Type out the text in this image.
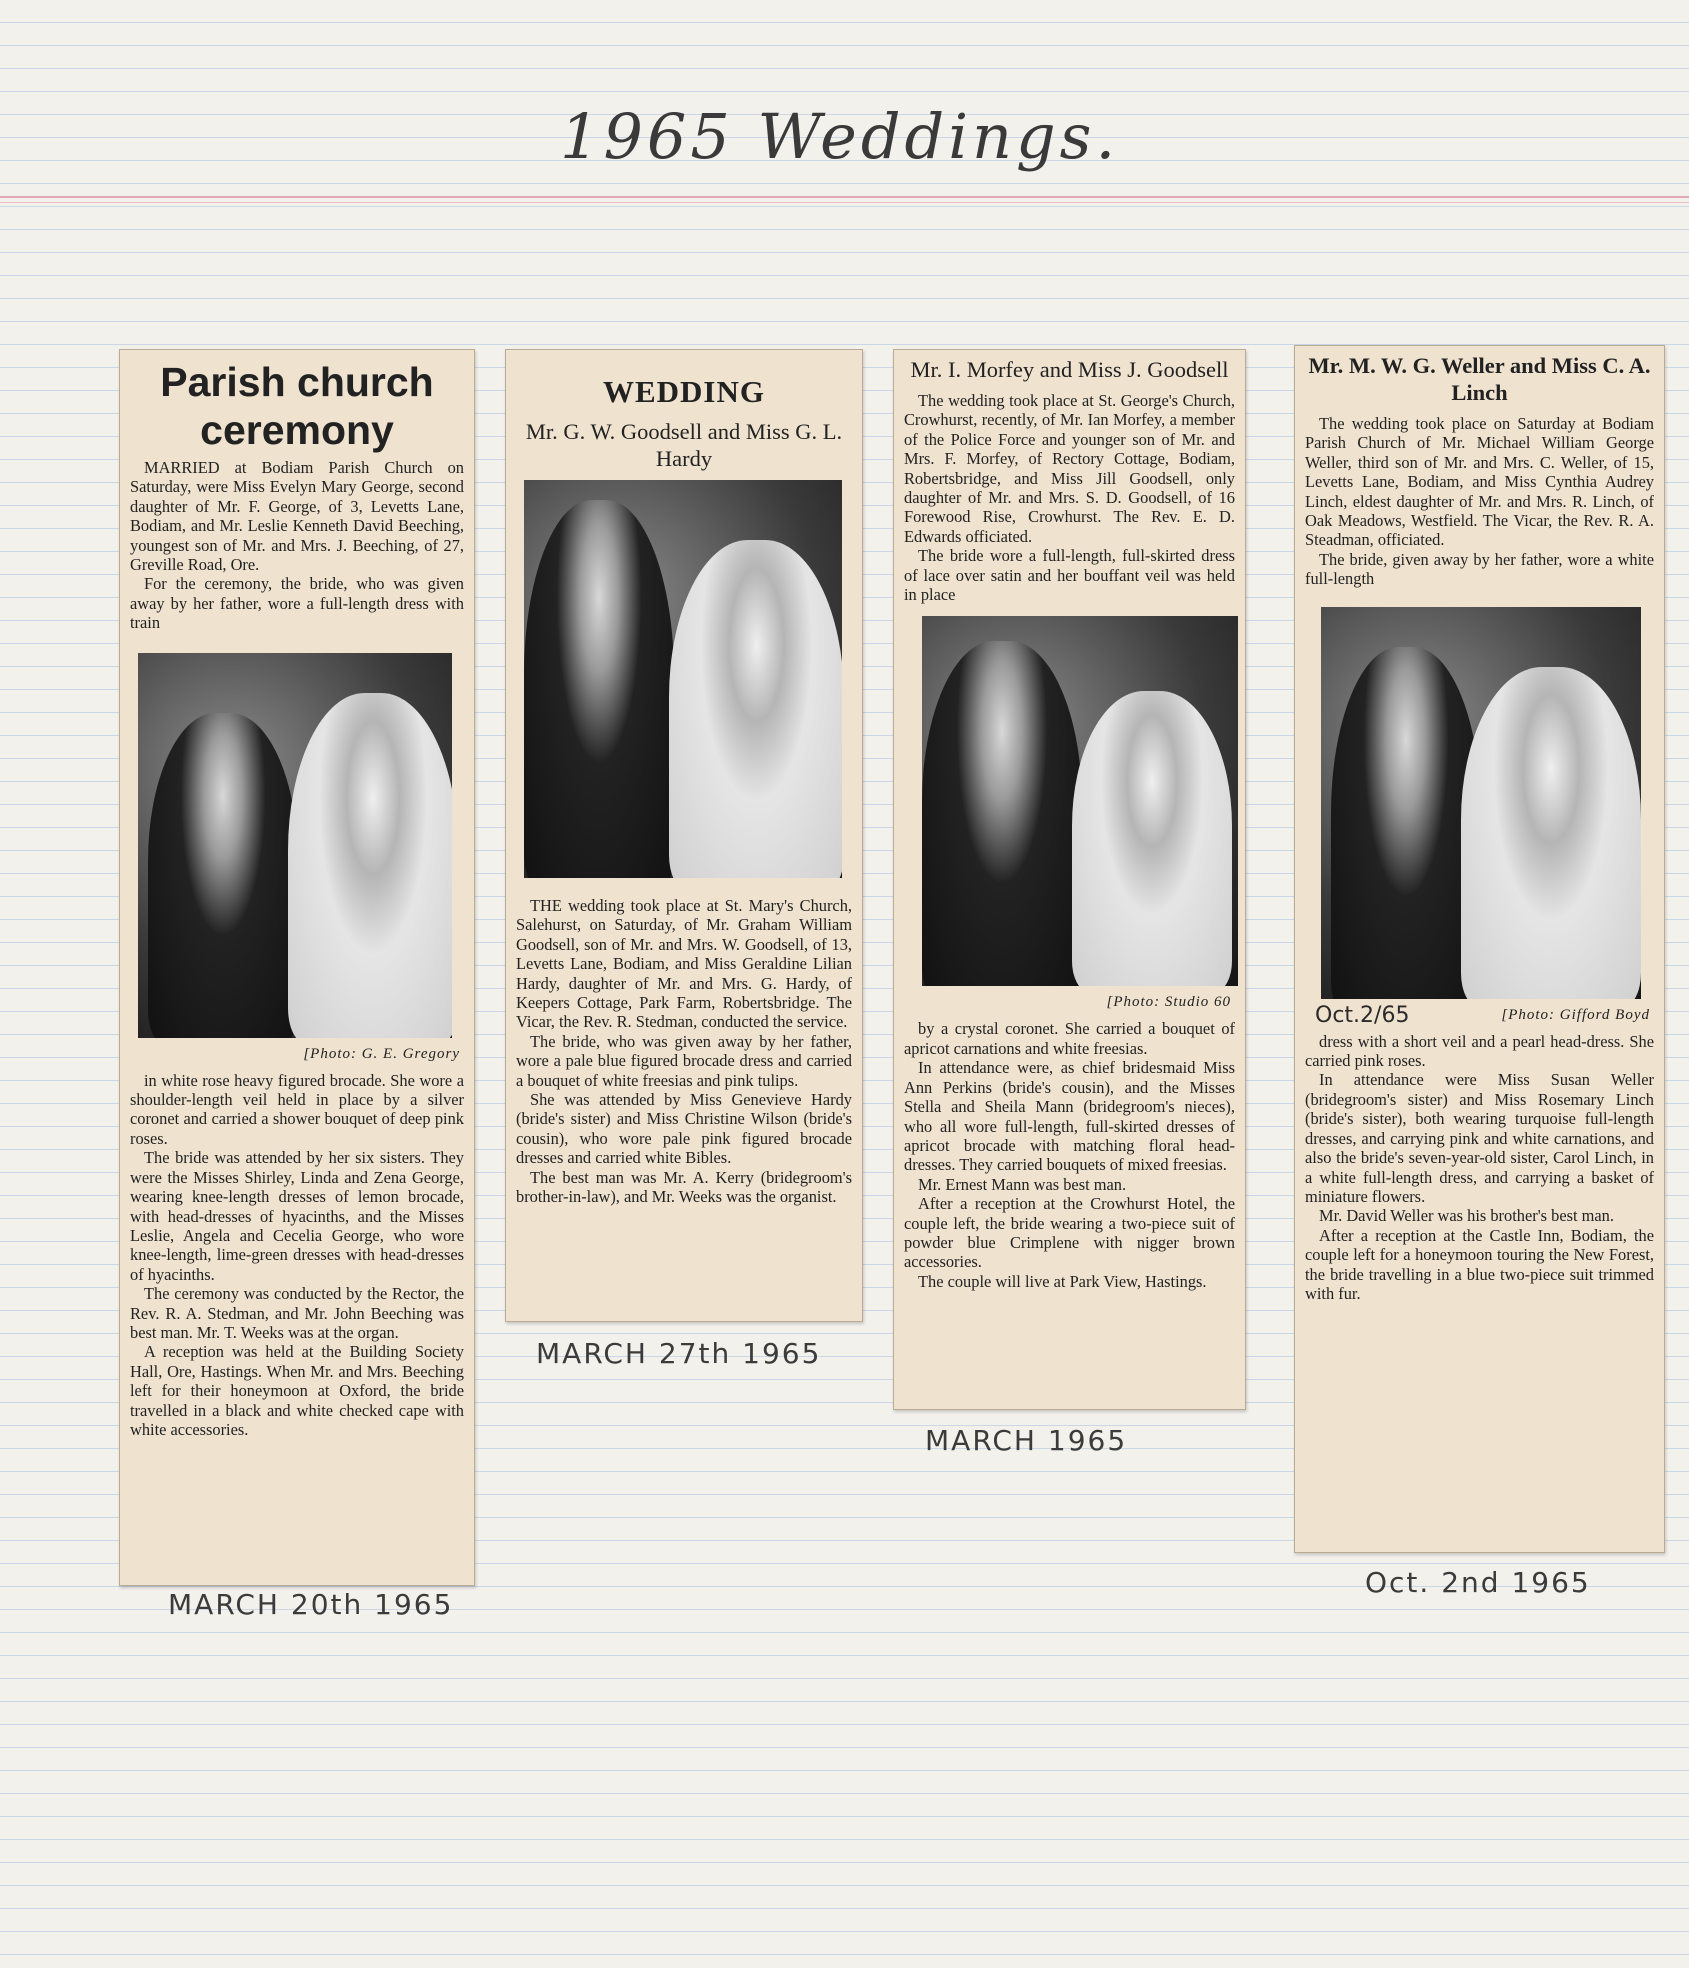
1965 Weddings.
Parish church ceremony

MARRIED at Bodiam Parish Church on Saturday, were Miss Evelyn Mary George, second daughter of Mr. F. George, of 3, Levetts Lane, Bodiam, and Mr. Leslie Kenneth David Beeching, youngest son of Mr. and Mrs. J. Beeching, of 27, Greville Road, Ore.

For the ceremony, the bride, who was given away by her father, wore a full-length dress with train

[Photo: G. E. Gregory

in white rose heavy figured brocade. She wore a shoulder-length veil held in place by a silver coronet and carried a shower bouquet of deep pink roses.

The bride was attended by her six sisters. They were the Misses Shirley, Linda and Zena George, wearing knee-length dresses of lemon brocade, with head-dresses of hyacinths, and the Misses Leslie, Angela and Cecelia George, who wore knee-length, lime-green dresses with head-dresses of hyacinths.

The ceremony was conducted by the Rector, the Rev. R. A. Stedman, and Mr. John Beeching was best man. Mr. T. Weeks was at the organ.

A reception was held at the Building Society Hall, Ore, Hastings. When Mr. and Mrs. Beeching left for their honeymoon at Oxford, the bride travelled in a black and white checked cape with white accessories.

MARCH 20th 1965
WEDDING
Mr. G. W. Goodsell and Miss G. L. Hardy

THE wedding took place at St. Mary's Church, Salehurst, on Saturday, of Mr. Graham William Goodsell, son of Mr. and Mrs. W. Goodsell, of 13, Levetts Lane, Bodiam, and Miss Geraldine Lilian Hardy, daughter of Mr. and Mrs. G. Hardy, of Keepers Cottage, Park Farm, Robertsbridge. The Vicar, the Rev. R. Stedman, conducted the service.

The bride, who was given away by her father, wore a pale blue figured brocade dress and carried a bouquet of white freesias and pink tulips.

She was attended by Miss Genevieve Hardy (bride's sister) and Miss Christine Wilson (bride's cousin), who wore pale pink figured brocade dresses and carried white Bibles.

The best man was Mr. A. Kerry (bridegroom's brother-in-law), and Mr. Weeks was the organist.

MARCH 27th 1965
Mr. I. Morfey and Miss J. Goodsell

The wedding took place at St. George's Church, Crowhurst, recently, of Mr. Ian Morfey, a member of the Police Force and younger son of Mr. and Mrs. F. Morfey, of Rectory Cottage, Bodiam, Robertsbridge, and Miss Jill Goodsell, only daughter of Mr. and Mrs. S. D. Goodsell, of 16 Forewood Rise, Crowhurst. The Rev. E. D. Edwards officiated.

The bride wore a full-length, full-skirted dress of lace over satin and her bouffant veil was held in place

[Photo: Studio 60

by a crystal coronet. She carried a bouquet of apricot carnations and white freesias.

In attendance were, as chief bridesmaid Miss Ann Perkins (bride's cousin), and the Misses Stella and Sheila Mann (bridegroom's nieces), who all wore full-length, full-skirted dresses of apricot brocade with matching floral head-dresses. They carried bouquets of mixed freesias.

Mr. Ernest Mann was best man.

After a reception at the Crowhurst Hotel, the couple left, the bride wearing a two-piece suit of powder blue Crimplene with nigger brown accessories.

The couple will live at Park View, Hastings.

MARCH 1965
Mr. M. W. G. Weller and Miss C. A. Linch

The wedding took place on Saturday at Bodiam Parish Church of Mr. Michael William George Weller, third son of Mr. and Mrs. C. Weller, of 15, Levetts Lane, Bodiam, and Miss Cynthia Audrey Linch, eldest daughter of Mr. and Mrs. R. Linch, of Oak Meadows, Westfield. The Vicar, the Rev. R. A. Steadman, officiated.

The bride, given away by her father, wore a white full-length

Oct.2/65	[Photo: Gifford Boyd

dress with a short veil and a pearl head-dress. She carried pink roses.

In attendance were Miss Susan Weller (bridegroom's sister) and Miss Rosemary Linch (bride's sister), both wearing turquoise full-length dresses, and carrying pink and white carnations, and also the bride's seven-year-old sister, Carol Linch, in a white full-length dress, and carrying a basket of miniature flowers.

Mr. David Weller was his brother's best man.

After a reception at the Castle Inn, Bodiam, the couple left for a honeymoon touring the New Forest, the bride travelling in a blue two-piece suit trimmed with fur.

Oct. 2nd 1965
